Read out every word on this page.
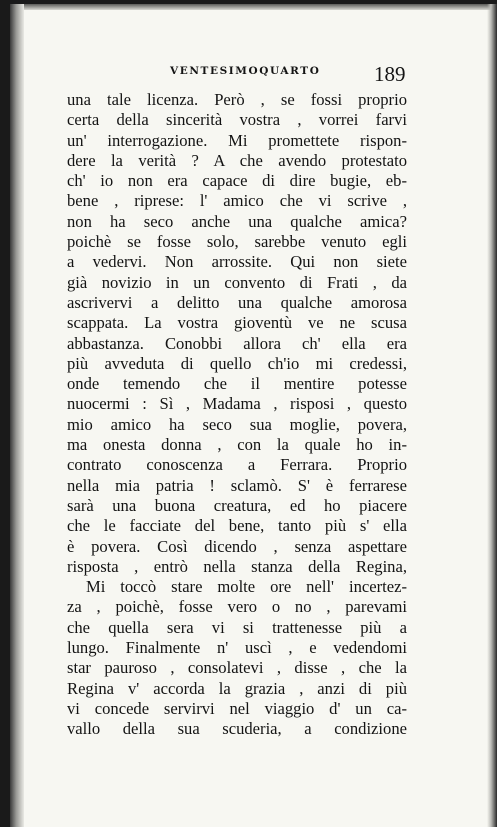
VENTESIMOQUARTO	189
una tale licenza. Però , se fossi proprio
certa della sincerità vostra , vorrei farvi
un' interrogazione. Mi promettete rispon-
dere la verità ? A che avendo protestato
ch' io non era capace di dire bugie, eb-
bene , riprese: l' amico che vi scrive ,
non ha seco anche una qualche amica?
poichè se fosse solo, sarebbe venuto egli
a vedervi. Non arrossite. Qui non siete
già novizio in un convento di Frati , da
ascrivervi a delitto una qualche amorosa
scappata. La vostra gioventù ve ne scusa
abbastanza. Conobbi allora ch' ella era
più avveduta di quello ch'io mi credessi,
onde temendo che il mentire potesse
nuocermi : Sì , Madama , risposi , questo
mio amico ha seco sua moglie, povera,
ma onesta donna , con la quale ho in-
contrato conoscenza a Ferrara. Proprio
nella mia patria ! sclamò. S' è ferrarese
sarà una buona creatura, ed ho piacere
che le facciate del bene, tanto più s' ella
è povera. Così dicendo , senza aspettare
risposta , entrò nella stanza della Regina,
Mi toccò stare molte ore nell' incertez-
za , poichè, fosse vero o no , parevami
che quella sera vi si trattenesse più a
lungo. Finalmente n' uscì , e vedendomi
star pauroso , consolatevi , disse , che la
Regina v' accorda la grazia , anzi di più
vi concede servirvi nel viaggio d' un ca-
vallo della sua scuderia, a condizione
